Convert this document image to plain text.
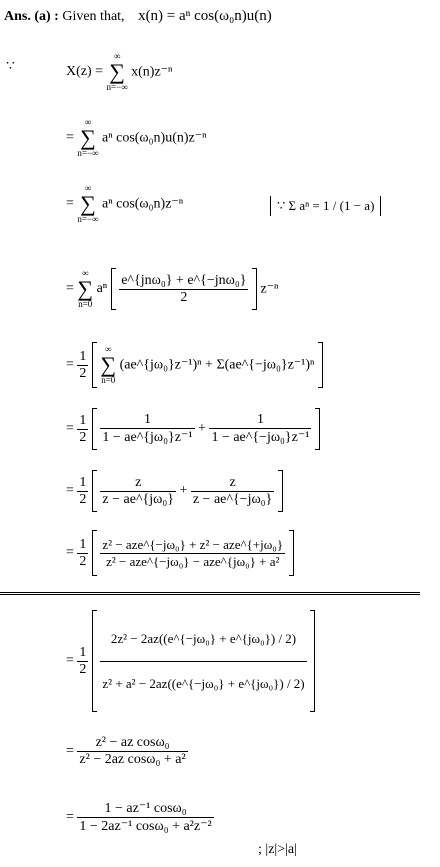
Ans. (a) : Given that, x(n) = aⁿ cos(ω₀n)u(n)
∵	X(z) =
∞
∑
n=−∞
x(n)z⁻ⁿ
=
∞
∑
n=−∞
aⁿ cos(ω₀n)u(n)z⁻ⁿ
=
∞
∑
n=−∞
aⁿ cos(ω₀n)z⁻ⁿ	∵ Σ aⁿ = 1 / (1 − a)
=
∞
∑
n=0
aⁿ $\frac{\text{e\textasciicircum{}\{jnω₀\} + e\textasciicircum{}\{−jnω₀\}}}{2} z^{-n}$
= $\frac{1}{2}$
	∞
∑
n=0
(ae^{jω₀}z⁻¹)ⁿ + Σ(ae^{−jω₀}z⁻¹)ⁿ
= $\frac{1}{2}$
$\frac{1}{\text{1 − ae\textasciicircum{}\{jω₀\}z⁻¹}} + \frac{1}{\text{1 − ae\textasciicircum{}\{−jω₀\}z⁻¹}}$

= $\frac{1}{2}$
$\frac{z}{\text{z − ae\textasciicircum{}\{jω₀\}}} + \frac{z}{\text{z − ae\textasciicircum{}\{−jω₀\}}}$

= $\frac{1}{2}$
$\frac{\text{z² − aze\textasciicircum{}\{−jω₀\} + z² − aze\textasciicircum{}\{+jω₀\}}}{\text{z² − aze\textasciicircum{}\{−jω₀\} − aze\textasciicircum{}\{jω₀\} + a²}}$

= $\frac{1}{2}$
$\frac{\text{2z² − 2az((e\textasciicircum{}\{−jω₀\} + e\textasciicircum{}\{jω₀\}) / 2)}}{\text{z² + a² − 2az((e\textasciicircum{}\{−jω₀\} + e\textasciicircum{}\{jω₀\}) / 2)}}$

= $\frac{\text{z² − az cosω₀}}{\text{z² − 2az cosω₀ + a²}}$
= $\frac{\text{1 − az⁻¹ cosω₀}}{\text{1 − 2az⁻¹ cosω₀ + a²z⁻²}}$
; |z|>|a|
